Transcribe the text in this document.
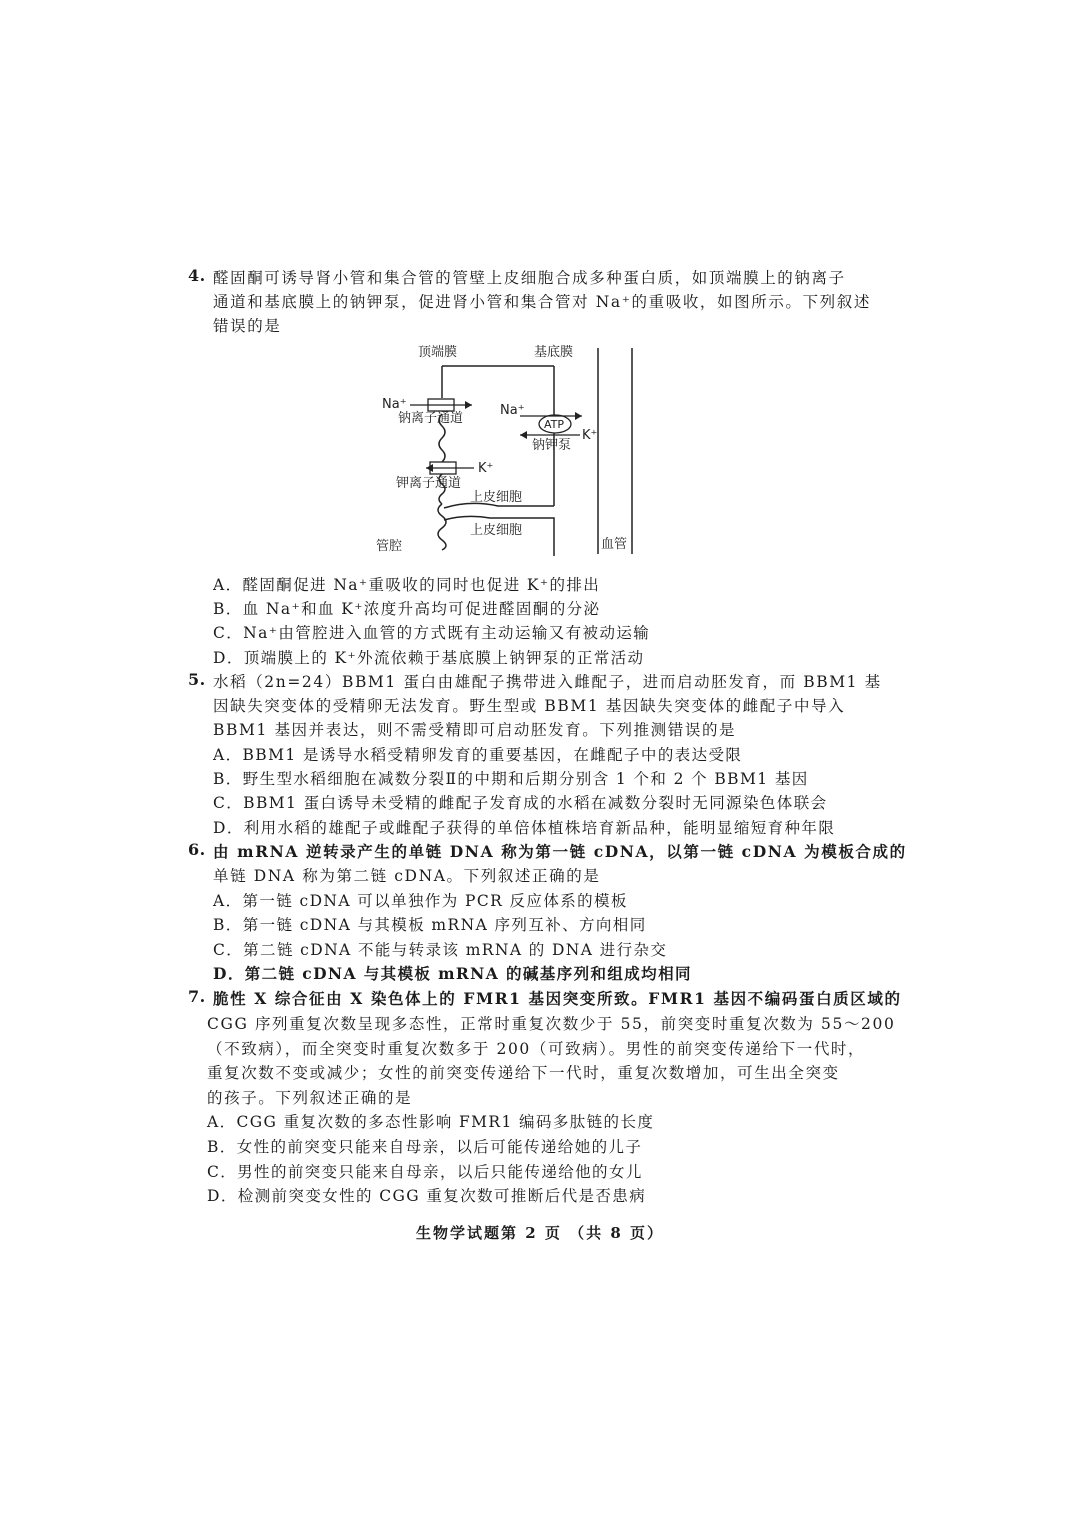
4. 醛固酮可诱导肾小管和集合管的管壁上皮细胞合成多种蛋白质，如顶端膜上的钠离子
通道和基底膜上的钠钾泵，促进肾小管和集合管对 Na⁺的重吸收，如图所示。下列叙述
错误的是
顶端膜	基底膜
Na⁺
钠离子通道
Na⁺
ATP
K⁺
钠钾泵
K⁺
钾离子通道
上皮细胞
上皮细胞
管腔	血管
A．醛固酮促进 Na⁺重吸收的同时也促进 K⁺的排出
B．血 Na⁺和血 K⁺浓度升高均可促进醛固酮的分泌
C．Na⁺由管腔进入血管的方式既有主动运输又有被动运输
D．顶端膜上的 K⁺外流依赖于基底膜上钠钾泵的正常活动
5. 水稻（2n=24）BBM1 蛋白由雄配子携带进入雌配子，进而启动胚发育，而 BBM1 基
因缺失突变体的受精卵无法发育。野生型或 BBM1 基因缺失突变体的雌配子中导入
BBM1 基因并表达，则不需受精即可启动胚发育。下列推测错误的是
A．BBM1 是诱导水稻受精卵发育的重要基因，在雌配子中的表达受限
B．野生型水稻细胞在减数分裂Ⅱ的中期和后期分别含 1 个和 2 个 BBM1 基因
C．BBM1 蛋白诱导未受精的雌配子发育成的水稻在减数分裂时无同源染色体联会
D．利用水稻的雄配子或雌配子获得的单倍体植株培育新品种，能明显缩短育种年限
6. 由 mRNA 逆转录产生的单链 DNA 称为第一链 cDNA，以第一链 cDNA 为模板合成的
单链 DNA 称为第二链 cDNA。下列叙述正确的是
A．第一链 cDNA 可以单独作为 PCR 反应体系的模板
B．第一链 cDNA 与其模板 mRNA 序列互补、方向相同
C．第二链 cDNA 不能与转录该 mRNA 的 DNA 进行杂交
D．第二链 cDNA 与其模板 mRNA 的碱基序列和组成均相同
7. 脆性 X 综合征由 X 染色体上的 FMR1 基因突变所致。FMR1 基因不编码蛋白质区域的
CGG 序列重复次数呈现多态性，正常时重复次数少于 55，前突变时重复次数为 55～200
（不致病），而全突变时重复次数多于 200（可致病）。男性的前突变传递给下一代时，
重复次数不变或减少；女性的前突变传递给下一代时，重复次数增加，可生出全突变
的孩子。下列叙述正确的是
A．CGG 重复次数的多态性影响 FMR1 编码多肽链的长度
B．女性的前突变只能来自母亲，以后可能传递给她的儿子
C．男性的前突变只能来自母亲，以后只能传递给他的女儿
D．检测前突变女性的 CGG 重复次数可推断后代是否患病
生物学试题第 2 页 （共 8 页）
